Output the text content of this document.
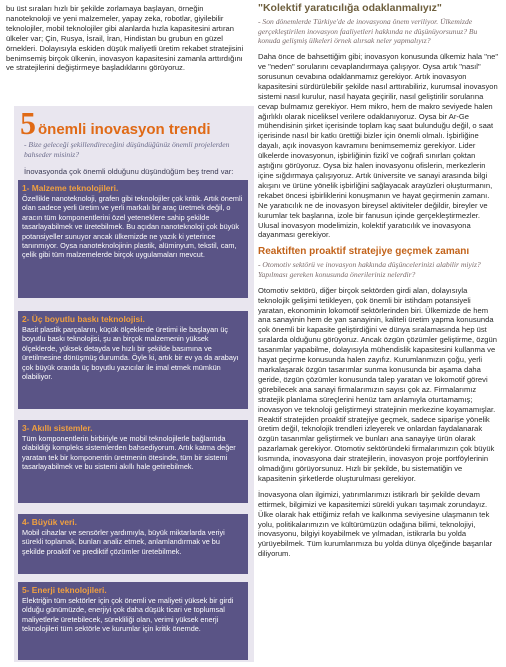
bu üst sıraları hızlı bir şekilde zorlamaya başlayan, örneğin nanoteknoloji ve yeni malzemeler, yapay zeka, robotlar, giyilebilir teknolojiler, mobil teknolojiler gibi alanlarda hızla kapasitesini artıran ülkeler var; Çin, Rusya, İsrail, İran, Hindistan bu grubun en güzel örnekleri. Dolayısıyla eskiden düşük maliyetli üretim rekabet stratejisini benimsemiş birçok ülkenin, inovasyon kapasitesini zamanla arttırdığını ve stratejilerini değiştirmeye başladıklarını görüyoruz.

5 önemli inovasyon trendi

- Bize geleceği şekillendireceğini düşündüğünüz önemli projelerden bahseder misiniz?

İnovasyonda çok önemli olduğunu düşündüğüm beş trend var:

1- Malzeme teknolojileri.

Özellikle nanoteknoloji, grafen gibi teknolojiler çok kritik. Artık önemli olan sadece yerli üretim ve yerli markalı bir araç üretmek değil, o aracın tüm komponentlerini özel yeteneklere sahip şekilde tasarlayabilmek ve üretebilmek. Bu açıdan nanoteknoloji çok büyük potansiyeller sunuyor ancak ülkemizde ne yazık ki yeterince tanınmıyor. Oysa nanoteknolojinin plastik, alüminyum, tekstil, cam, çelik gibi tüm malzemelerde birçok uygulamaları mevcut.

2- Üç boyutlu baskı teknolojisi.

Basit plastik parçaların, küçük ölçeklerde üretimi ile başlayan üç boyutlu baskı teknolojisi, şu an birçok malzemenin yüksek ölçeklerde, yüksek detayda ve hızlı bir şekilde basımına ve üretilmesine dönüşmüş durumda. Öyle ki, artık bir ev ya da arabayı çok büyük oranda üç boyutlu yazıcılar ile imal etmek mümkün olabiliyor.

3- Akıllı sistemler.

Tüm komponentlerin birbiriyle ve mobil teknolojilerle bağlantıda olabildiği kompleks sistemlerden bahsediyorum. Artık katma değer yaratan tek bir komponentin üretmenin ötesinde, tüm bir sistemi tasarlayabilmek ve bu sistemi akıllı hale getirebilmek.

4- Büyük veri.

Mobil cihazlar ve sensörler yardımıyla, büyük miktarlarda veriyi sürekli toplamak, bunları analiz etmek, anlamlandırmak ve bu şekilde proaktif ve prediktif çözümler üretebilmek.

5- Enerji teknolojileri.

Elektriğin tüm sektörler için çok önemli ve maliyeti yüksek bir girdi olduğu günümüzde, enerjiyi çok daha düşük ticari ve toplumsal maliyetlerle üretebilecek, sürekliliği olan, verimi yüksek enerji teknolojileri tüm sektörle ve kurumlar için kritik önemde.

"Kolektif yaratıcılığa odaklanmalıyız"

- Son dönemlerde Türkiye'de de inovasyona önem veriliyor. Ülkemizde gerçekleştirilen inovasyon faaliyetleri hakkında ne düşünüyorsunuz? Bu konuda gelişmiş ülkeleri örnek alırsak neler yapmalıyız?

Daha önce de bahsettiğim gibi; inovasyon konusunda ülkemiz hala "ne" ve "neden" sorularını cevaplandırmaya çalışıyor. Oysa artık "nasıl" sorusunun cevabına odaklanmamız gerekiyor. Artık inovasyon kapasitesini sürdürülebilir şekilde nasıl arttırabiliriz, kurumsal inovasyon sistemi nasıl kurulur, nasıl hayata geçirilir, nasıl geliştirilir sorularına cevap bulmamız gerekiyor. Hem mikro, hem de makro seviyede halen ağırlıklı olarak niceliksel verilere odaklanıyoruz. Oysa bir Ar-Ge mühendisinin şirket içerisinde toplam kaç saat bulunduğu değil, o saat içerisinde nasıl bir katkı ürettiği bizler için önemli olmalı. İşbirliğine dayalı, açık inovasyon kavramını benimsememiz gerekiyor. Lider ülkelerde inovasyonun, işbirliğinin fizikî ve coğrafi sınırları çoktan aştığını görüyoruz. Oysa biz halen inovasyonu ofislerin, merkezlerin içine sığdırmaya çalışıyoruz. Artık üniversite ve sanayi arasında bilgi akışını ve ürüne yönelik işbirliğini sağlayacak arayüzleri oluşturmanın, rekabet öncesi işbirliklerini konuşmanın ve hayat geçirmenin zamanı. Ne yaratıcılık ne de inovasyon bireysel aktiviteler değildir, bireyler ve kurumlar tek başlarına, izole bir fanusun içinde gerçekleştirmezler. Ulusal inovasyon modelimizin, kolektif yaratıcılık ve inovasyona dayanması gerekiyor.

Reaktiften proaktif stratejiye geçmek zamanı

- Otomotiv sektörü ve inovasyon hakkında düşüncelerinizi alabilir miyiz? Yapılması gereken konusunda önerileriniz nelerdir?

Otomotiv sektörü, diğer birçok sektörden girdi alan, dolayısıyla teknolojik gelişimi tetikleyen, çok önemli bir istihdam potansiyeli yaratan, ekonominin lokomotif sektörlerinden biri. Ülkemizde de hem ana sanayinin hem de yan sanayinin, kaliteli üretim yapma konusunda çok önemli bir kapasite geliştirdiğini ve dünya sıralamasında hep üst sıralarda olduğunu görüyoruz. Ancak özgün çözümler geliştirme, özgün tasarımlar yapabilme, dolayısıyla mühendislik kapasitesini kullanma ve hayat geçirme konusunda halen zayıfız. Kurumlarımızın çoğu, yerli markalaşarak özgün tasarımlar sunma konusunda bir aşama daha geride, özgün çözümler konusunda talep yaratan ve lokomotif görevi görebilecek ana sanayi firmalarımızın sayısı çok az. Firmalarımız stratejik planlama süreçlerini henüz tam anlamıyla oturtamamış; inovasyon ve teknoloji geliştirmeyi stratejinin merkezine koyamamışlar. Reaktif stratejiden proaktif stratejiye geçmek, sadece siparişe yönelik üretim değil, teknolojik trendleri izleyerek ve onlardan faydalanarak özgün tasarımlar geliştirmek ve bunları ana sanayiye ürün olarak pazarlamak gerekiyor. Otomotiv sektöründeki firmalarımızın çok büyük kısmında, inovasyona dair stratejilerin, inovasyon proje portföylerinin olmadığını görüyorsunuz. Hızlı bir şekilde, bu sistematiğin ve kapasitenin şirketlerde oluşturulması gerekiyor.

İnovasyona olan ilgimizi, yatırımlarımızı istikrarlı bir şekilde devam ettirmek, bilgimizi ve kapasitemizi sürekli yukarı taşımak zorundayız. Ülke olarak hak ettiğimiz refah ve kalkınma seviyesine ulaşmanın tek yolu, politikalarımızın ve kültürümüzün odağına bilimi, teknolojiyi, inovasyonu, bilgiyi koyabilmek ve yılmadan, istikrarla bu yolda yürüyebilmek. Tüm kurumlarımıza bu yolda dünya ölçeğinde başarılar diliyorum.
